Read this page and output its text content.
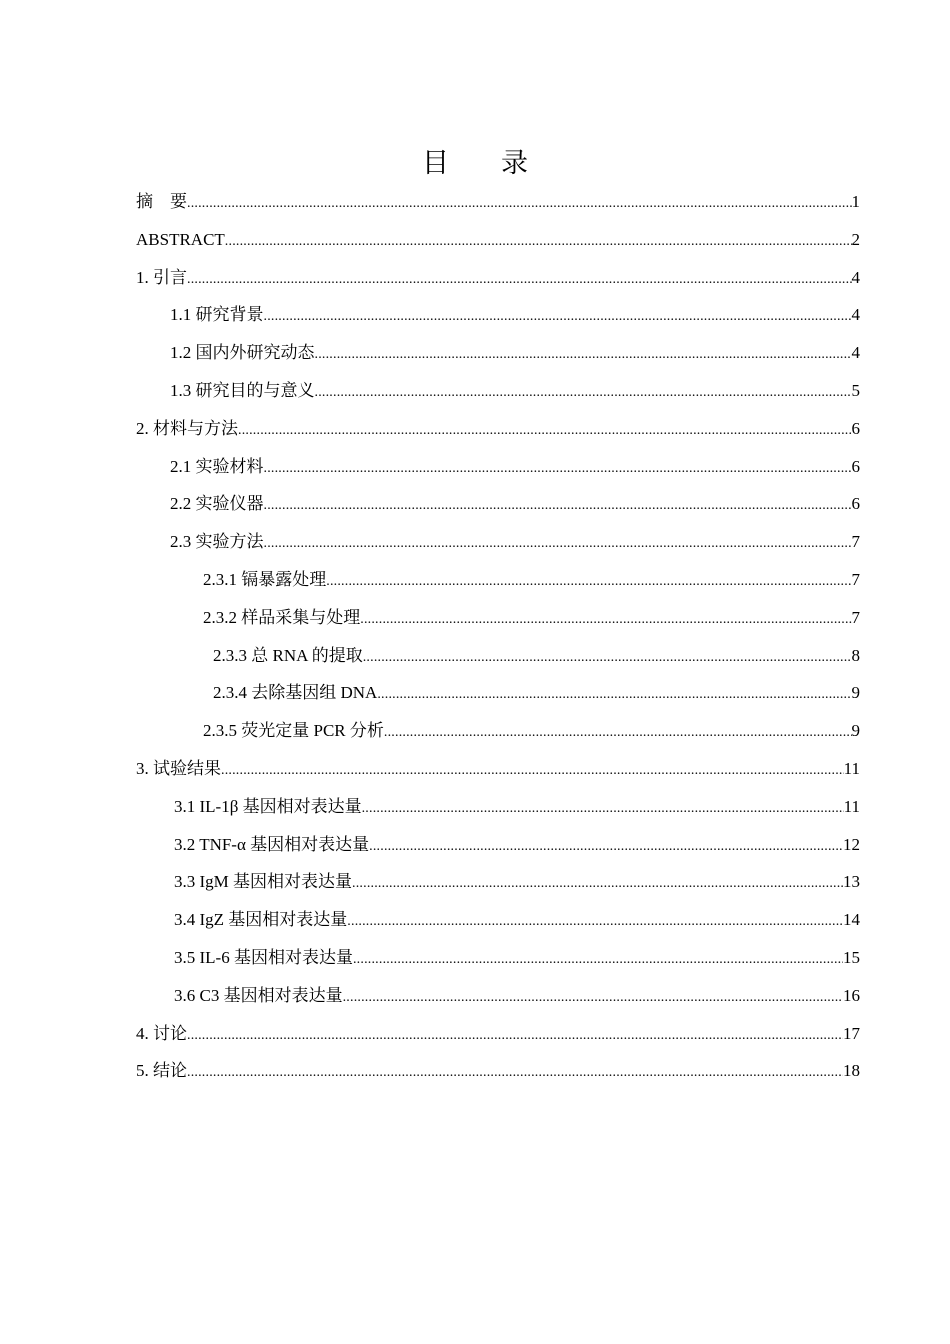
目录
摘　要 .....	1
ABSTRACT .....	2
1. 引言 .....	4
1.1 研究背景 .....	4
1.2 国内外研究动态 .....	4
1.3 研究目的与意义 .....	5
2. 材料与方法 .....	6
2.1 实验材料 .....	6
2.2 实验仪器 .....	6
2.3 实验方法 .....	7
2.3.1 镉暴露处理 .....	7
2.3.2 样品采集与处理 .....	7
2.3.3 总 RNA 的提取 .....	8
2.3.4 去除基因组 DNA .....	9
2.3.5 荧光定量 PCR 分析 .....	9
3. 试验结果 .....	11
3.1 IL-1β 基因相对表达量 .....	11
3.2 TNF-α 基因相对表达量 .....	12
3.3 IgM 基因相对表达量 .....	13
3.4 IgZ 基因相对表达量 .....	14
3.5 IL-6 基因相对表达量 .....	15
3.6 C3 基因相对表达量 .....	16
4. 讨论 .....	17
5. 结论 .....	18
